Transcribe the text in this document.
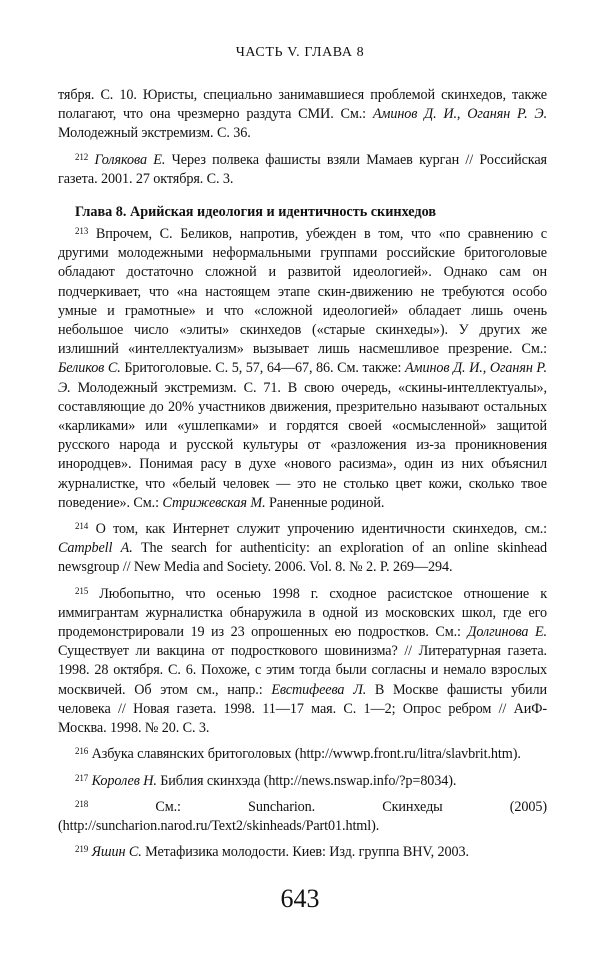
ЧАСТЬ V. ГЛАВА 8

тября. С. 10. Юристы, специально занимавшиеся проблемой скинхедов, также полагают, что она чрезмерно раздута СМИ. См.: Аминов Д. И., Оганян Р. Э. Молодежный экстремизм. С. 36.

$^{212}$ Голякова Е. Через полвека фашисты взяли Мамаев курган // Российская газета. 2001. 27 октября. С. 3.

Глава 8. Арийская идеология и идентичность скинхедов

$^{213}$ Впрочем, С. Беликов, напротив, убежден в том, что «по сравнению с другими молодежными неформальными группами российские бритоголовые обладают достаточно сложной и развитой идеологией». Однако сам он подчеркивает, что «на настоящем этапе скин-движению не требуются особо умные и грамотные» и что «сложной идеологией» обладает лишь очень небольшое число «элиты» скинхедов («старые скинхеды»). У других же излишний «интеллектуализм» вызывает лишь насмешливое презрение. См.: Беликов С. Бритоголовые. С. 5, 57, 64—67, 86. См. также: Аминов Д. И., Оганян Р. Э. Молодежный экстремизм. С. 71. В свою очередь, «скины-интеллектуалы», составляющие до 20% участников движения, презрительно называют остальных «карликами» или «ушлепками» и гордятся своей «осмысленной» защитой русского народа и русской культуры от «разложения из-за проникновения инородцев». Понимая расу в духе «нового расизма», один из них объяснил журналистке, что «белый человек — это не столько цвет кожи, сколько твое поведение». См.: Стрижевская М. Раненные родиной.

$^{214}$ О том, как Интернет служит упрочению идентичности скинхедов, см.: Campbell A. The search for authenticity: an exploration of an online skinhead newsgroup // New Media and Society. 2006. Vol. 8. № 2. P. 269—294.

$^{215}$ Любопытно, что осенью 1998 г. сходное расистское отношение к иммигрантам журналистка обнаружила в одной из московских школ, где его продемонстрировали 19 из 23 опрошенных ею подростков. См.: Долгинова Е. Существует ли вакцина от подросткового шовинизма? // Литературная газета. 1998. 28 октября. С. 6. Похоже, с этим тогда были согласны и немало взрослых москвичей. Об этом см., напр.: Евстифеева Л. В Москве фашисты убили человека // Новая газета. 1998. 11—17 мая. С. 1—2; Опрос ребром // АиФ-Москва. 1998. № 20. С. 3.

$^{216}$ Азбука славянских бритоголовых (http://wwwp.front.ru/litra/slavbrit.htm).

$^{217}$ Королев Н. Библия скинхэда (http://news.nswap.info/?p=8034).

$^{218}$ См.: Suncharion. Скинхеды (2005) (http://suncharion.narod.ru/Text2/skinheads/Part01.html).

$^{219}$ Яшин С. Метафизика молодости. Киев: Изд. группа BHV, 2003.

643
